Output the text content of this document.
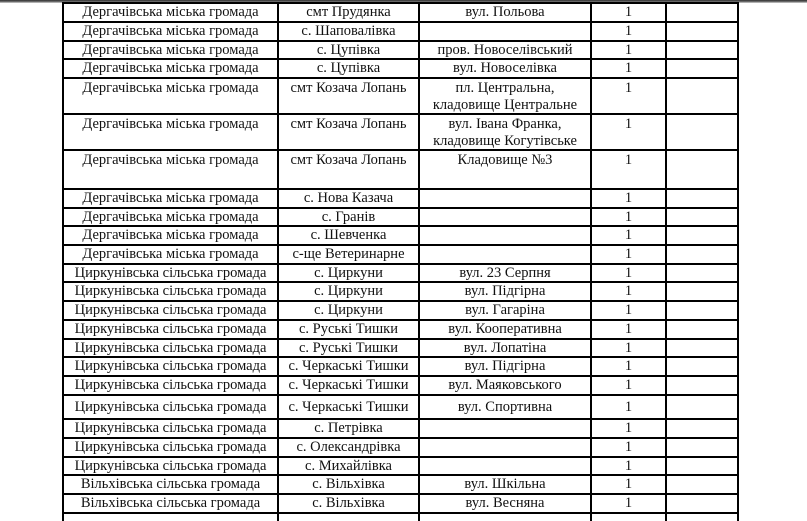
Дергачівська міська громада	смт Прудянка	вул. Польова	1	
Дергачівська міська громада	с. Шаповалівка		1	
Дергачівська міська громада	с. Цупівка	пров. Новоселівський	1	
Дергачівська міська громада	с. Цупівка	вул. Новоселівка	1	
Дергачівська міська громада	смт Козача Лопань	пл. Центральна, кладовище Центральне	1	
Дергачівська міська громада	смт Козача Лопань	вул. Івана Франка, кладовище Когутівське	1	
Дергачівська міська громада	смт Козача Лопань	Кладовище №3	1	
Дергачівська міська громада	с. Нова Казача		1	
Дергачівська міська громада	с. Гранів		1	
Дергачівська міська громада	с. Шевченка		1	
Дергачівська міська громада	с-ще Ветеринарне		1	
Циркунівська сільська громада	с. Циркуни	вул. 23 Серпня	1	
Циркунівська сільська громада	с. Циркуни	вул. Підгірна	1	
Циркунівська сільська громада	с. Циркуни	вул. Гагаріна	1	
Циркунівська сільська громада	с. Руські Тишки	вул. Кооперативна	1	
Циркунівська сільська громада	с. Руські Тишки	вул. Лопатіна	1	
Циркунівська сільська громада	с. Черкаські Тишки	вул. Підгірна	1	
Циркунівська сільська громада	с. Черкаські Тишки	вул. Маяковського	1	
Циркунівська сільська громада	с. Черкаські Тишки	вул. Спортивна	1	
Циркунівська сільська громада	с. Петрівка		1	
Циркунівська сільська громада	с. Олександрівка		1	
Циркунівська сільська громада	с. Михайлівка		1	
Вільхівська сільська громада	с. Вільхівка	вул. Шкільна	1	
Вільхівська сільська громада	с. Вільхівка	вул. Весняна	1	
